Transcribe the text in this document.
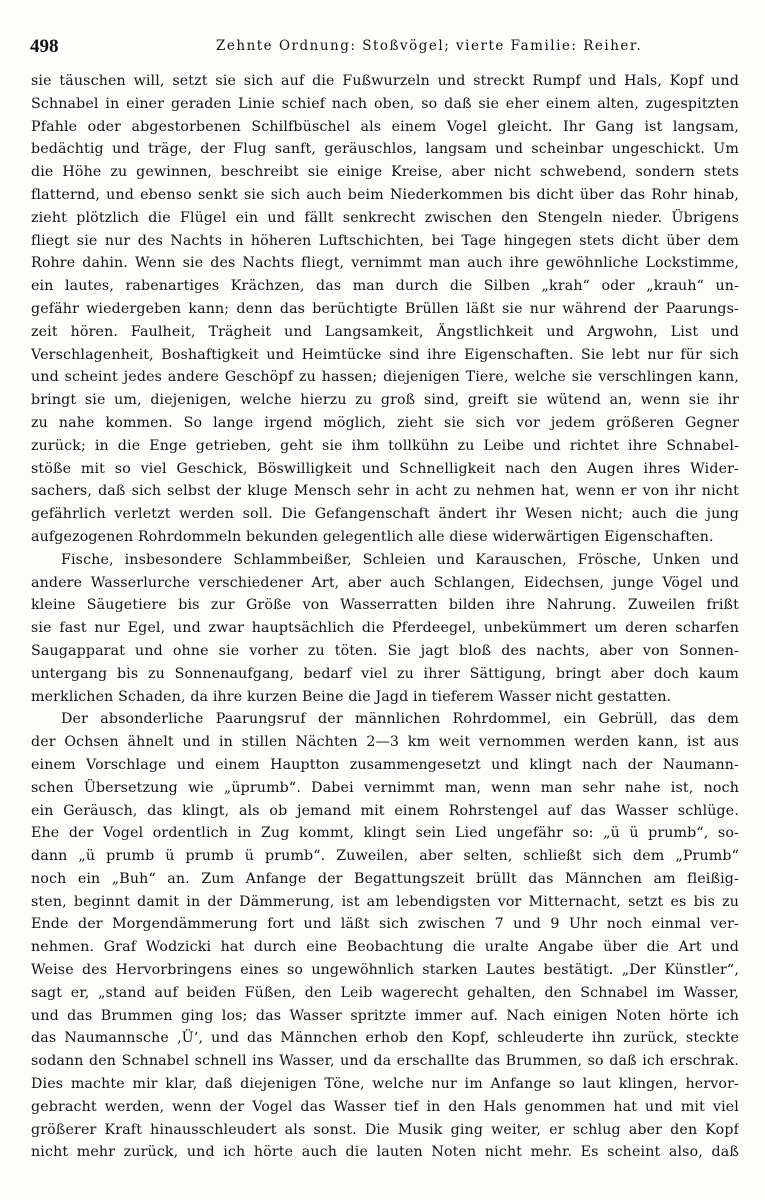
498	Zehnte Ordnung: Stoßvögel; vierte Familie: Reiher.
sie täuschen will, setzt sie sich auf die Fußwurzeln und streckt Rumpf und Hals, Kopf und
Schnabel in einer geraden Linie schief nach oben, so daß sie eher einem alten, zugespitzten
Pfahle oder abgestorbenen Schilfbüschel als einem Vogel gleicht. Ihr Gang ist langsam,
bedächtig und träge, der Flug sanft, geräuschlos, langsam und scheinbar ungeschickt. Um
die Höhe zu gewinnen, beschreibt sie einige Kreise, aber nicht schwebend, sondern stets
flatternd, und ebenso senkt sie sich auch beim Niederkommen bis dicht über das Rohr hinab,
zieht plötzlich die Flügel ein und fällt senkrecht zwischen den Stengeln nieder. Übrigens
fliegt sie nur des Nachts in höheren Luftschichten, bei Tage hingegen stets dicht über dem
Rohre dahin. Wenn sie des Nachts fliegt, vernimmt man auch ihre gewöhnliche Lockstimme,
ein lautes, rabenartiges Krächzen, das man durch die Silben „krah“ oder „krauh“ un-
gefähr wiedergeben kann; denn das berüchtigte Brüllen läßt sie nur während der Paarungs-
zeit hören. Faulheit, Trägheit und Langsamkeit, Ängstlichkeit und Argwohn, List und
Verschlagenheit, Boshaftigkeit und Heimtücke sind ihre Eigenschaften. Sie lebt nur für sich
und scheint jedes andere Geschöpf zu hassen; diejenigen Tiere, welche sie verschlingen kann,
bringt sie um, diejenigen, welche hierzu zu groß sind, greift sie wütend an, wenn sie ihr
zu nahe kommen. So lange irgend möglich, zieht sie sich vor jedem größeren Gegner
zurück; in die Enge getrieben, geht sie ihm tollkühn zu Leibe und richtet ihre Schnabel-
stöße mit so viel Geschick, Böswilligkeit und Schnelligkeit nach den Augen ihres Wider-
sachers, daß sich selbst der kluge Mensch sehr in acht zu nehmen hat, wenn er von ihr nicht
gefährlich verletzt werden soll. Die Gefangenschaft ändert ihr Wesen nicht; auch die jung
aufgezogenen Rohrdommeln bekunden gelegentlich alle diese widerwärtigen Eigenschaften.
Fische, insbesondere Schlammbeißer, Schleien und Karauschen, Frösche, Unken und
andere Wasserlurche verschiedener Art, aber auch Schlangen, Eidechsen, junge Vögel und
kleine Säugetiere bis zur Größe von Wasserratten bilden ihre Nahrung. Zuweilen frißt
sie fast nur Egel, und zwar hauptsächlich die Pferdeegel, unbekümmert um deren scharfen
Saugapparat und ohne sie vorher zu töten. Sie jagt bloß des nachts, aber von Sonnen-
untergang bis zu Sonnenaufgang, bedarf viel zu ihrer Sättigung, bringt aber doch kaum
merklichen Schaden, da ihre kurzen Beine die Jagd in tieferem Wasser nicht gestatten.
Der absonderliche Paarungsruf der männlichen Rohrdommel, ein Gebrüll, das dem
der Ochsen ähnelt und in stillen Nächten 2—3 km weit vernommen werden kann, ist aus
einem Vorschlage und einem Hauptton zusammengesetzt und klingt nach der Naumann-
schen Übersetzung wie „üprumb“. Dabei vernimmt man, wenn man sehr nahe ist, noch
ein Geräusch, das klingt, als ob jemand mit einem Rohrstengel auf das Wasser schlüge.
Ehe der Vogel ordentlich in Zug kommt, klingt sein Lied ungefähr so: „ü ü prumb“, so-
dann „ü prumb ü prumb ü prumb“. Zuweilen, aber selten, schließt sich dem „Prumb“
noch ein „Buh“ an. Zum Anfange der Begattungszeit brüllt das Männchen am fleißig-
sten, beginnt damit in der Dämmerung, ist am lebendigsten vor Mitternacht, setzt es bis zu
Ende der Morgendämmerung fort und läßt sich zwischen 7 und 9 Uhr noch einmal ver-
nehmen. Graf Wodzicki hat durch eine Beobachtung die uralte Angabe über die Art und
Weise des Hervorbringens eines so ungewöhnlich starken Lautes bestätigt. „Der Künstler“,
sagt er, „stand auf beiden Füßen, den Leib wagerecht gehalten, den Schnabel im Wasser,
und das Brummen ging los; das Wasser spritzte immer auf. Nach einigen Noten hörte ich
das Naumannsche ‚Ü‘, und das Männchen erhob den Kopf, schleuderte ihn zurück, steckte
sodann den Schnabel schnell ins Wasser, und da erschallte das Brummen, so daß ich erschrak.
Dies machte mir klar, daß diejenigen Töne, welche nur im Anfange so laut klingen, hervor-
gebracht werden, wenn der Vogel das Wasser tief in den Hals genommen hat und mit viel
größerer Kraft hinausschleudert als sonst. Die Musik ging weiter, er schlug aber den Kopf
nicht mehr zurück, und ich hörte auch die lauten Noten nicht mehr. Es scheint also, daß
